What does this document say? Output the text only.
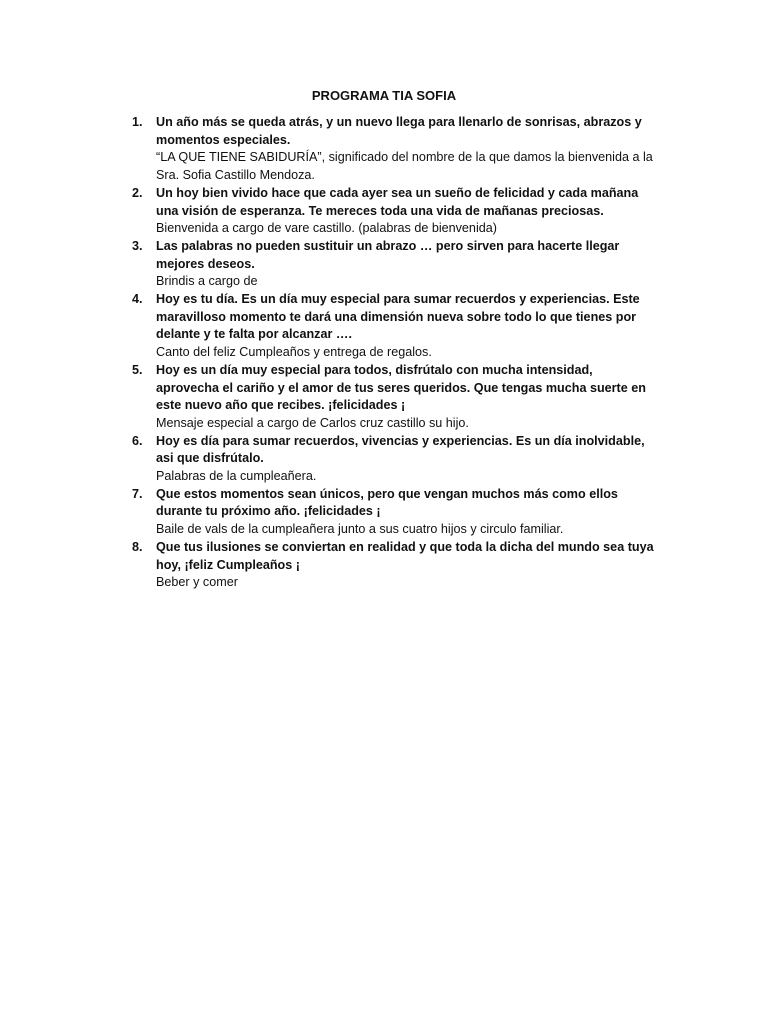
PROGRAMA TIA SOFIA
1. Un año más se queda atrás, y un nuevo llega para llenarlo de sonrisas, abrazos y momentos especiales.
“LA QUE TIENE SABIDURÍA”, significado del nombre de la que damos la bienvenida a la Sra. Sofia Castillo Mendoza.
2. Un hoy bien vivido hace que cada ayer sea un sueño de felicidad y cada mañana una visión de esperanza. Te mereces toda una vida de mañanas preciosas.
Bienvenida a cargo de vare castillo. (palabras de bienvenida)
3. Las palabras no pueden sustituir un abrazo … pero sirven para hacerte llegar mejores deseos.
Brindis a cargo de
4. Hoy es tu día. Es un día muy especial para sumar recuerdos y experiencias. Este maravilloso momento te dará una dimensión nueva sobre todo lo que tienes por delante y te falta por alcanzar ….
Canto del feliz Cumpleaños y entrega de regalos.
5. Hoy es un día muy especial para todos, disfrútalo con mucha intensidad, aprovecha el cariño y el amor de tus seres queridos. Que tengas mucha suerte en este nuevo año que recibes. ¡felicidades ¡
Mensaje especial a cargo de Carlos cruz castillo su hijo.
6. Hoy es día para sumar recuerdos, vivencias y experiencias. Es un día inolvidable, asi que disfrútalo.
Palabras de la cumpleañera.
7. Que estos momentos sean únicos, pero que vengan muchos más como ellos durante tu próximo año. ¡felicidades ¡
Baile de vals de la cumpleañera junto a sus cuatro hijos y circulo familiar.
8. Que tus ilusiones se conviertan en realidad y que toda la dicha del mundo sea tuya hoy, ¡feliz Cumpleaños ¡
Beber y comer
